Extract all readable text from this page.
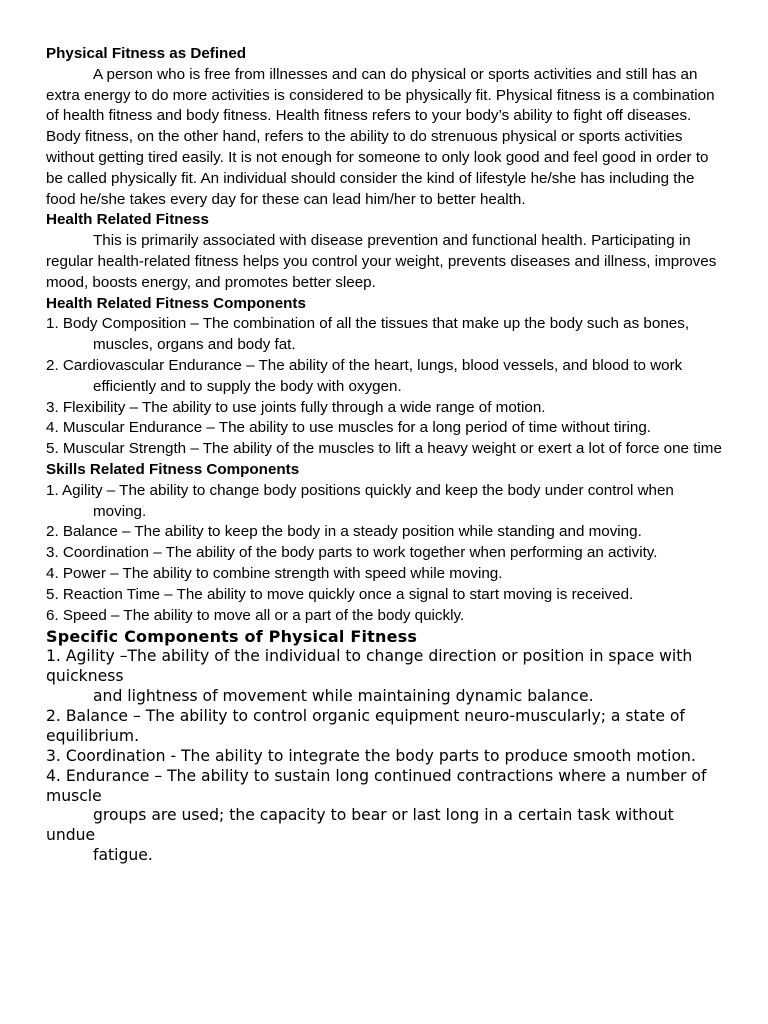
Physical Fitness as Defined

A person who is free from illnesses and can do physical or sports activities and still has an extra energy to do more activities is considered to be physically fit. Physical fitness is a combination of health fitness and body fitness. Health fitness refers to your body’s ability to fight off diseases. Body fitness, on the other hand, refers to the ability to do strenuous physical or sports activities without getting tired easily. It is not enough for someone to only look good and feel good in order to be called physically fit. An individual should consider the kind of lifestyle he/she has including the food he/she takes every day for these can lead him/her to better health.

Health Related Fitness

This is primarily associated with disease prevention and functional health. Participating in regular health-related fitness helps you control your weight, prevents diseases and illness, improves mood, boosts energy, and promotes better sleep.

Health Related Fitness Components

1. Body Composition – The combination of all the tissues that make up the body such as bones, muscles, organs and body fat.

2. Cardiovascular Endurance – The ability of the heart, lungs, blood vessels, and blood to work efficiently and to supply the body with oxygen.

3. Flexibility – The ability to use joints fully through a wide range of motion.

4. Muscular Endurance – The ability to use muscles for a long period of time without tiring.

5. Muscular Strength – The ability of the muscles to lift a heavy weight or exert a lot of force one time

Skills Related Fitness Components

1. Agility – The ability to change body positions quickly and keep the body under control when moving.

2. Balance – The ability to keep the body in a steady position while standing and moving.

3. Coordination – The ability of the body parts to work together when performing an activity.

4. Power – The ability to combine strength with speed while moving.

5. Reaction Time – The ability to move quickly once a signal to start moving is received.

6. Speed – The ability to move all or a part of the body quickly.

Specific Components of Physical Fitness

1. Agility –The ability of the individual to change direction or position in space with quickness

and lightness of movement while maintaining dynamic balance.

2. Balance – The ability to control organic equipment neuro-muscularly; a state of equilibrium.

3. Coordination - The ability to integrate the body parts to produce smooth motion.

4. Endurance – The ability to sustain long continued contractions where a number of muscle

groups are used; the capacity to bear or last long in a certain task without undue

fatigue.
